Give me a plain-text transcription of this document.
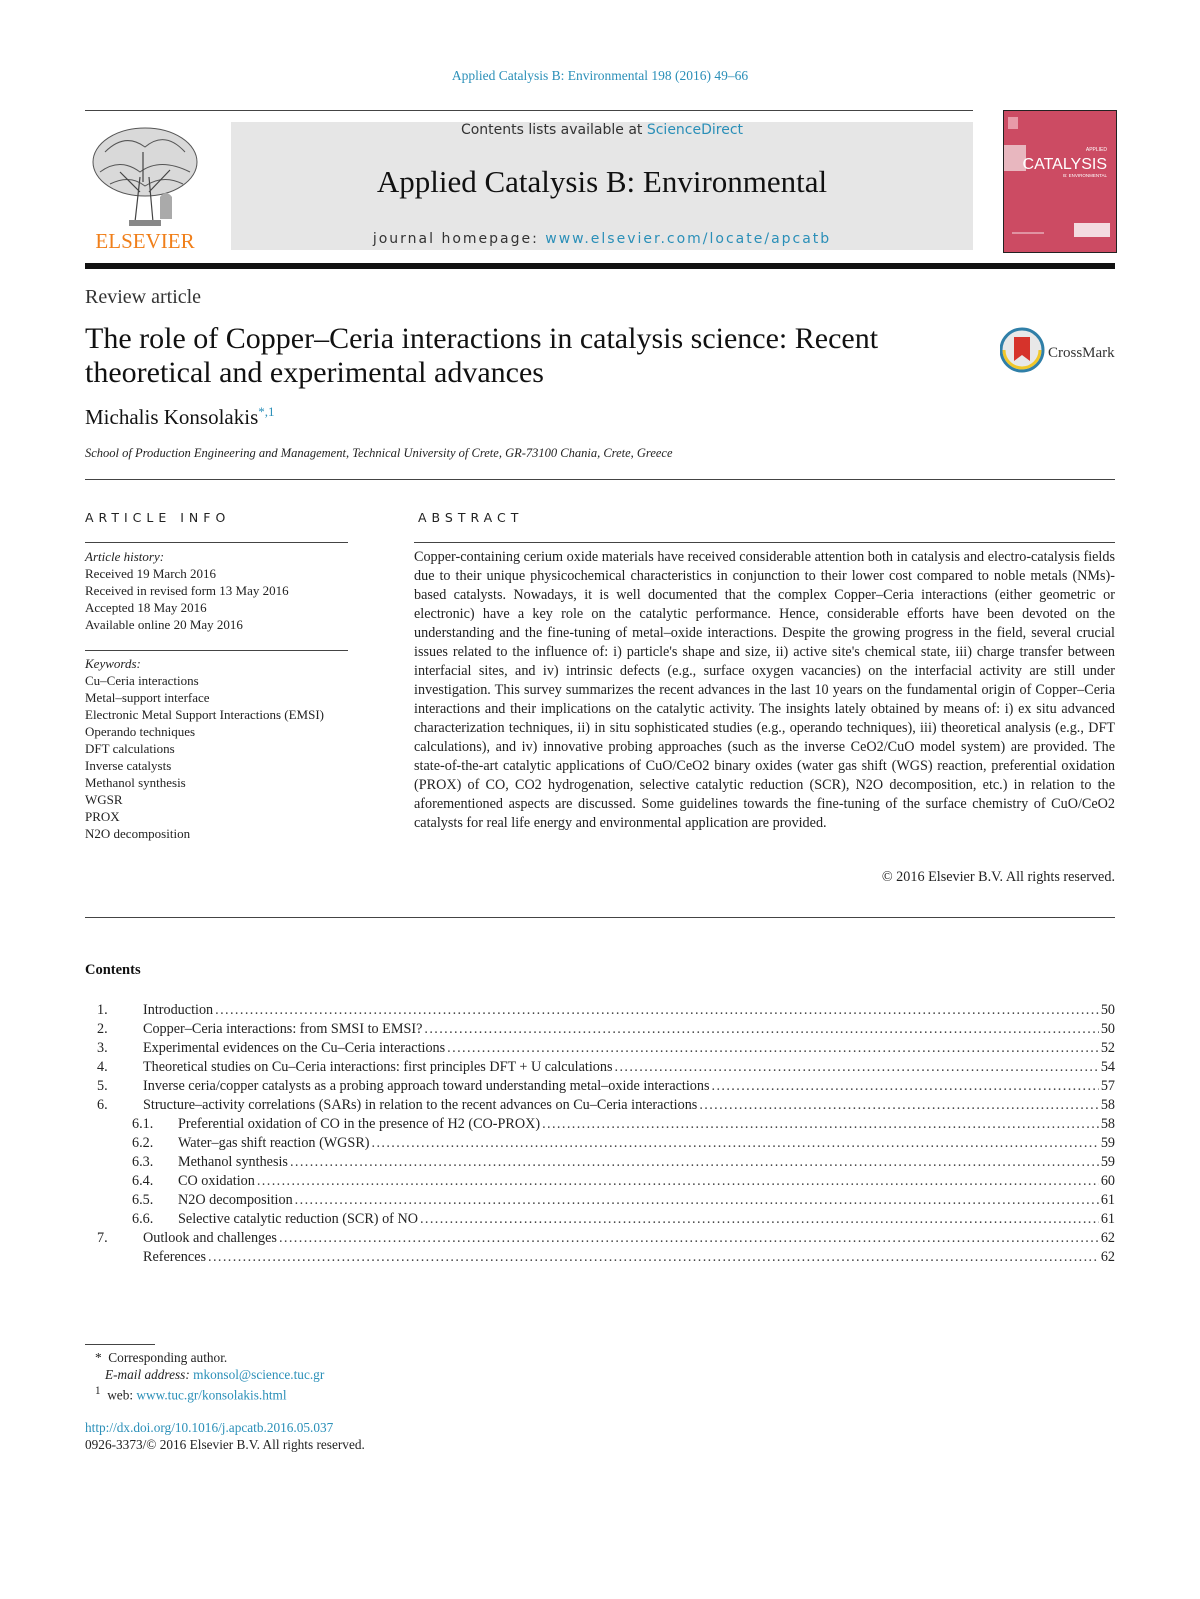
Applied Catalysis B: Environmental 198 (2016) 49–66
ELSEVIER
Contents lists available at ScienceDirect
Applied Catalysis B: Environmental
journal homepage: www.elsevier.com/locate/apcatb
APPLIED
CATALYSIS
B: ENVIRONMENTAL
Review article
The role of Copper–Ceria interactions in catalysis science: Recent theoretical and experimental advances
CrossMark
Michalis Konsolakis$^{*,1}$
School of Production Engineering and Management, Technical University of Crete, GR-73100 Chania, Crete, Greece
ARTICLE INFO	ABSTRACT
Article history:
Received 19 March 2016
Received in revised form 13 May 2016
Accepted 18 May 2016
Available online 20 May 2016
Keywords:
Cu–Ceria interactions
Metal–support interface
Electronic Metal Support Interactions (EMSI)
Operando techniques
DFT calculations
Inverse catalysts
Methanol synthesis
WGSR
PROX
N2O decomposition
Copper-containing cerium oxide materials have received considerable attention both in catalysis and electro-catalysis fields due to their unique physicochemical characteristics in conjunction to their lower cost compared to noble metals (NMs)-based catalysts. Nowadays, it is well documented that the complex Copper–Ceria interactions (either geometric or electronic) have a key role on the catalytic performance. Hence, considerable efforts have been devoted on the understanding and the fine-tuning of metal–oxide interactions. Despite the growing progress in the field, several crucial issues related to the influence of: i) particle's shape and size, ii) active site's chemical state, iii) charge transfer between interfacial sites, and iv) intrinsic defects (e.g., surface oxygen vacancies) on the interfacial activity are still under investigation. This survey summarizes the recent advances in the last 10 years on the fundamental origin of Copper–Ceria interactions and their implications on the catalytic activity. The insights lately obtained by means of: i) ex situ advanced characterization techniques, ii) in situ sophisticated studies (e.g., operando techniques), iii) theoretical analysis (e.g., DFT calculations), and iv) innovative probing approaches (such as the inverse CeO2/CuO model system) are provided. The state-of-the-art catalytic applications of CuO/CeO2 binary oxides (water gas shift (WGS) reaction, preferential oxidation (PROX) of CO, CO2 hydrogenation, selective catalytic reduction (SCR), N2O decomposition, etc.) in relation to the aforementioned aspects are discussed. Some guidelines towards the fine-tuning of the surface chemistry of CuO/CeO2 catalysts for real life energy and environmental application are provided.
© 2016 Elsevier B.V. All rights reserved.
Contents
1.	Introduction .....	50
2.	Copper–Ceria interactions: from SMSI to EMSI? .....	50
3.	Experimental evidences on the Cu–Ceria interactions .....	52
4.	Theoretical studies on Cu–Ceria interactions: first principles DFT + U calculations .....	54
5.	Inverse ceria/copper catalysts as a probing approach toward understanding metal–oxide interactions .....	57
6.	Structure–activity correlations (SARs) in relation to the recent advances on Cu–Ceria interactions .....	58
6.1.	Preferential oxidation of CO in the presence of H2 (CO-PROX) .....	58
6.2.	Water–gas shift reaction (WGSR) .....	59
6.3.	Methanol synthesis .....	59
6.4.	CO oxidation .....	60
6.5.	N2O decomposition .....	61
6.6.	Selective catalytic reduction (SCR) of NO .....	61
7.	Outlook and challenges .....	62
References .....	62
* Corresponding author.
E-mail address: mkonsol@science.tuc.gr
$^1$ web: www.tuc.gr/konsolakis.html
http://dx.doi.org/10.1016/j.apcatb.2016.05.037
0926-3373/© 2016 Elsevier B.V. All rights reserved.
